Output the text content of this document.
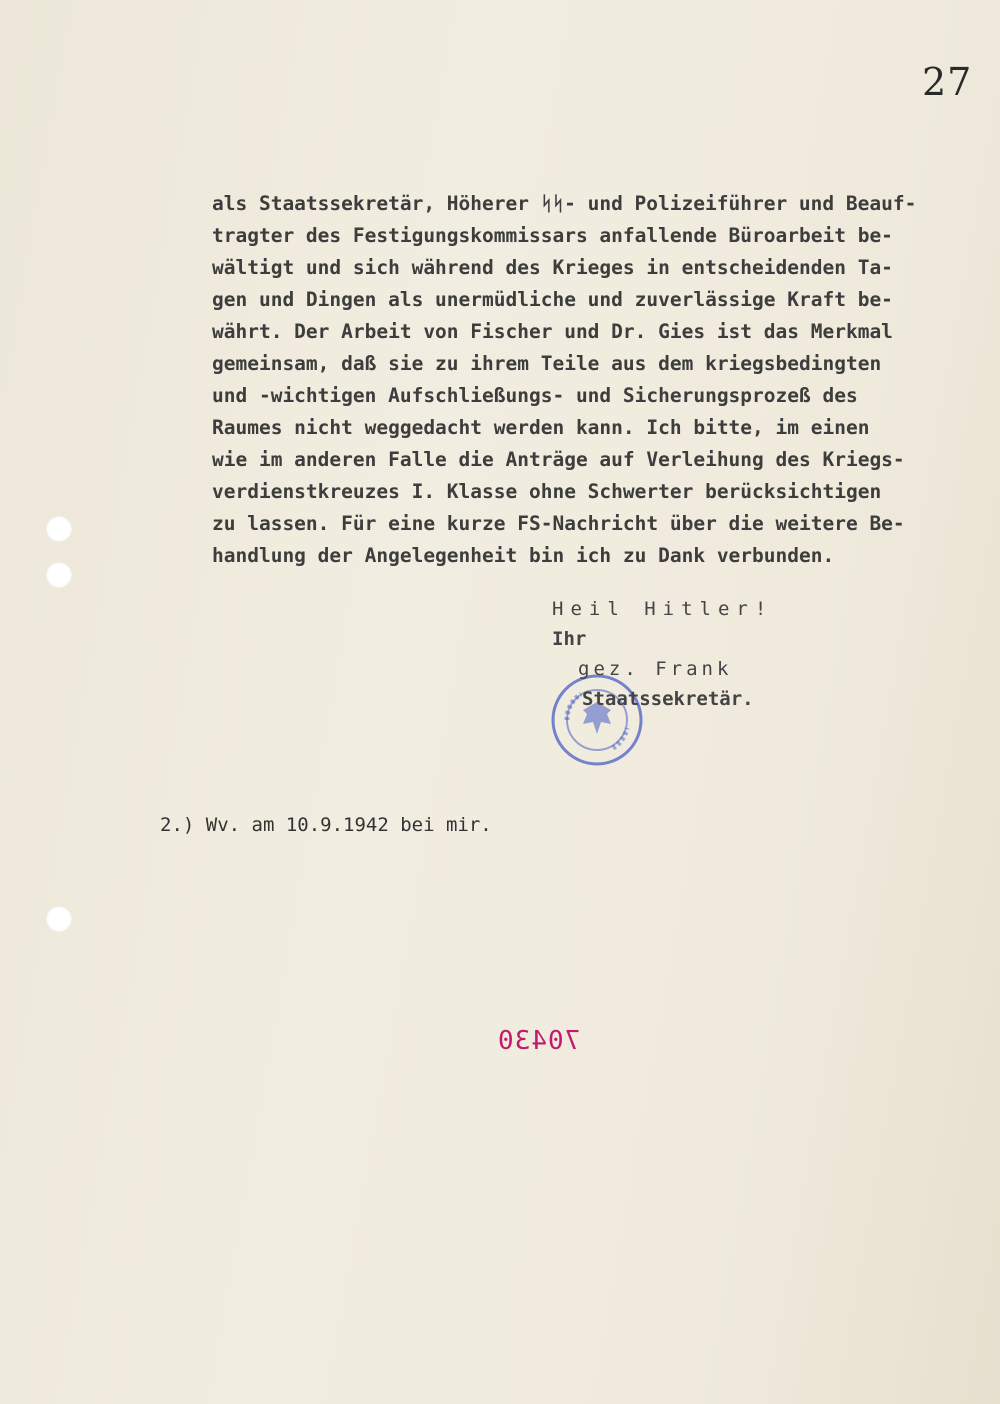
27
als Staatssekretär, Höherer ᛋᛋ- und Polizeiführer und Beauf-
tragter des Festigungskommissars anfallende Büroarbeit be-
wältigt und sich während des Krieges in entscheidenden Ta-
gen und Dingen als unermüdliche und zuverlässige Kraft be-
währt. Der Arbeit von Fischer und Dr. Gies ist das Merkmal
gemeinsam, daß sie zu ihrem Teile aus dem kriegsbedingten
und -wichtigen Aufschließungs- und Sicherungsprozeß des
Raumes nicht weggedacht werden kann. Ich bitte, im einen
wie im anderen Falle die Anträge auf Verleihung des Kriegs-
verdienstkreuzes I. Klasse ohne Schwerter berücksichtigen
zu lassen. Für eine kurze FS-Nachricht über die weitere Be-
handlung der Angelegenheit bin ich zu Dank verbunden.
Heil Hitler!
Ihr
gez. Frank
Staatssekretär.
2.) Wv. am 10.9.1942 bei mir.
70430
